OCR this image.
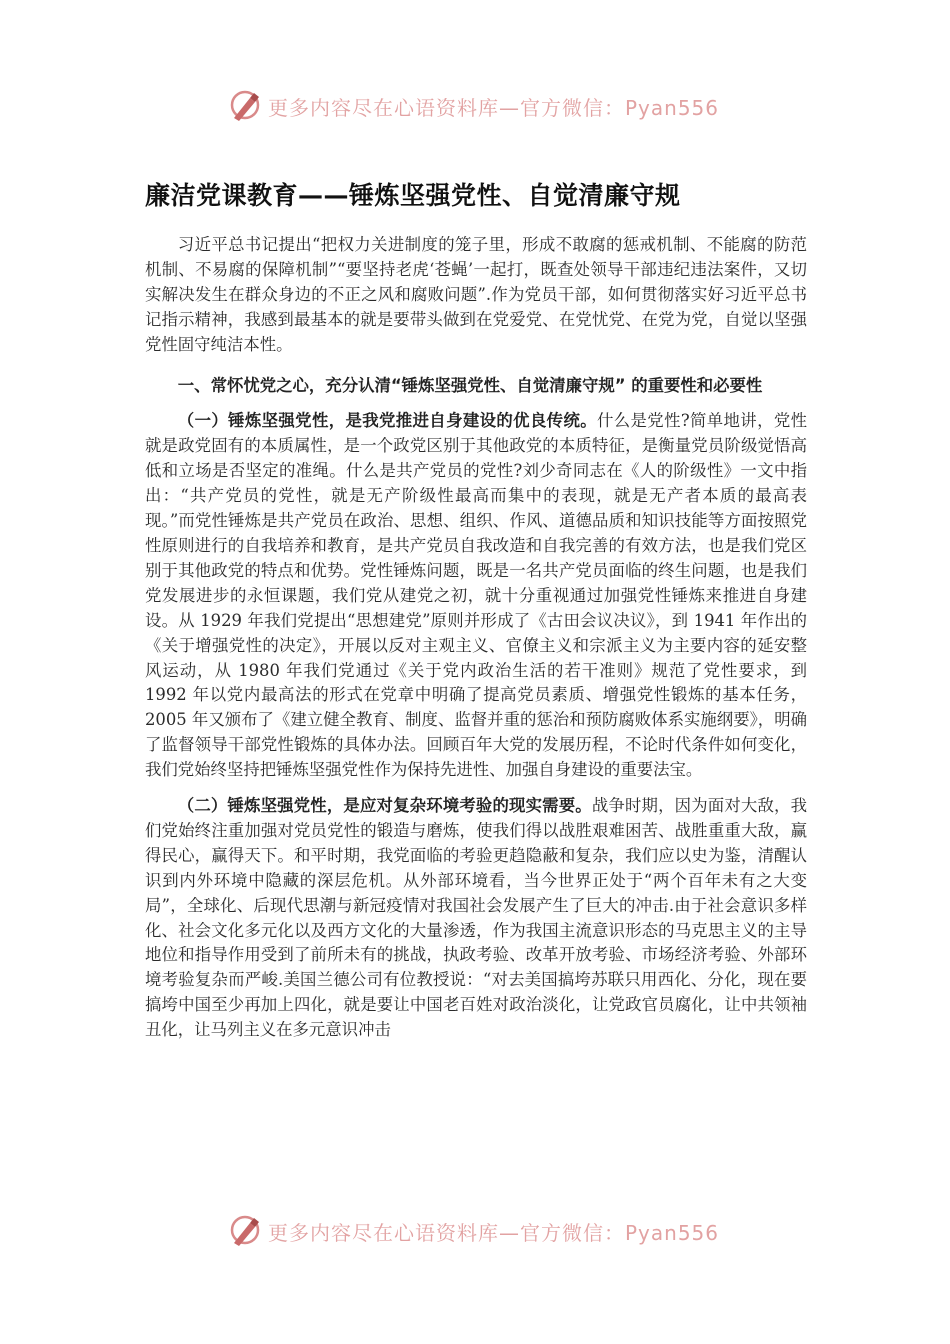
更多内容尽在心语资料库—官方微信：Pyan556
廉洁党课教育——锤炼坚强党性、自觉清廉守规

习近平总书记提出“把权力关进制度的笼子里，形成不敢腐的惩戒机制、不能腐的防范机制、不易腐的保障机制”“要坚持老虎‘苍蝇’一起打，既查处领导干部违纪违法案件，又切实解决发生在群众身边的不正之风和腐败问题”.作为党员干部，如何贯彻落实好习近平总书记指示精神，我感到最基本的就是要带头做到在党爱党、在党忧党、在党为党，自觉以坚强党性固守纯洁本性。

一、常怀忧党之心，充分认清“锤炼坚强党性、自觉清廉守规” 的重要性和必要性

（一）锤炼坚强党性，是我党推进自身建设的优良传统。什么是党性?简单地讲，党性就是政党固有的本质属性，是一个政党区别于其他政党的本质特征，是衡量党员阶级觉悟高低和立场是否坚定的准绳。什么是共产党员的党性?刘少奇同志在《人的阶级性》一文中指出：“共产党员的党性，就是无产阶级性最高而集中的表现，就是无产者本质的最高表现。”而党性锤炼是共产党员在政治、思想、组织、作风、道德品质和知识技能等方面按照党性原则进行的自我培养和教育，是共产党员自我改造和自我完善的有效方法，也是我们党区别于其他政党的特点和优势。党性锤炼问题，既是一名共产党员面临的终生问题，也是我们党发展进步的永恒课题，我们党从建党之初，就十分重视通过加强党性锤炼来推进自身建设。从 1929 年我们党提出“思想建党”原则并形成了《古田会议决议》，到 1941 年作出的《关于增强党性的决定》，开展以反对主观主义、官僚主义和宗派主义为主要内容的延安整风运动，从 1980 年我们党通过《关于党内政治生活的若干准则》规范了党性要求，到 1992 年以党内最高法的形式在党章中明确了提高党员素质、增强党性锻炼的基本任务，2005 年又颁布了《建立健全教育、制度、监督并重的惩治和预防腐败体系实施纲要》，明确了监督领导干部党性锻炼的具体办法。回顾百年大党的发展历程，不论时代条件如何变化，我们党始终坚持把锤炼坚强党性作为保持先进性、加强自身建设的重要法宝。

（二）锤炼坚强党性，是应对复杂环境考验的现实需要。战争时期，因为面对大敌，我们党始终注重加强对党员党性的锻造与磨炼，使我们得以战胜艰难困苦、战胜重重大敌，赢得民心，赢得天下。和平时期，我党面临的考验更趋隐蔽和复杂，我们应以史为鉴，清醒认识到内外环境中隐藏的深层危机。从外部环境看，当今世界正处于“两个百年未有之大变局”，全球化、后现代思潮与新冠疫情对我国社会发展产生了巨大的冲击.由于社会意识多样化、社会文化多元化以及西方文化的大量渗透，作为我国主流意识形态的马克思主义的主导地位和指导作用受到了前所未有的挑战，执政考验、改革开放考验、市场经济考验、外部环境考验复杂而严峻.美国兰德公司有位教授说：“对去美国搞垮苏联只用西化、分化，现在要搞垮中国至少再加上四化，就是要让中国老百姓对政治淡化，让党政官员腐化，让中共领袖丑化，让马列主义在多元意识冲击

更多内容尽在心语资料库—官方微信：Pyan556
